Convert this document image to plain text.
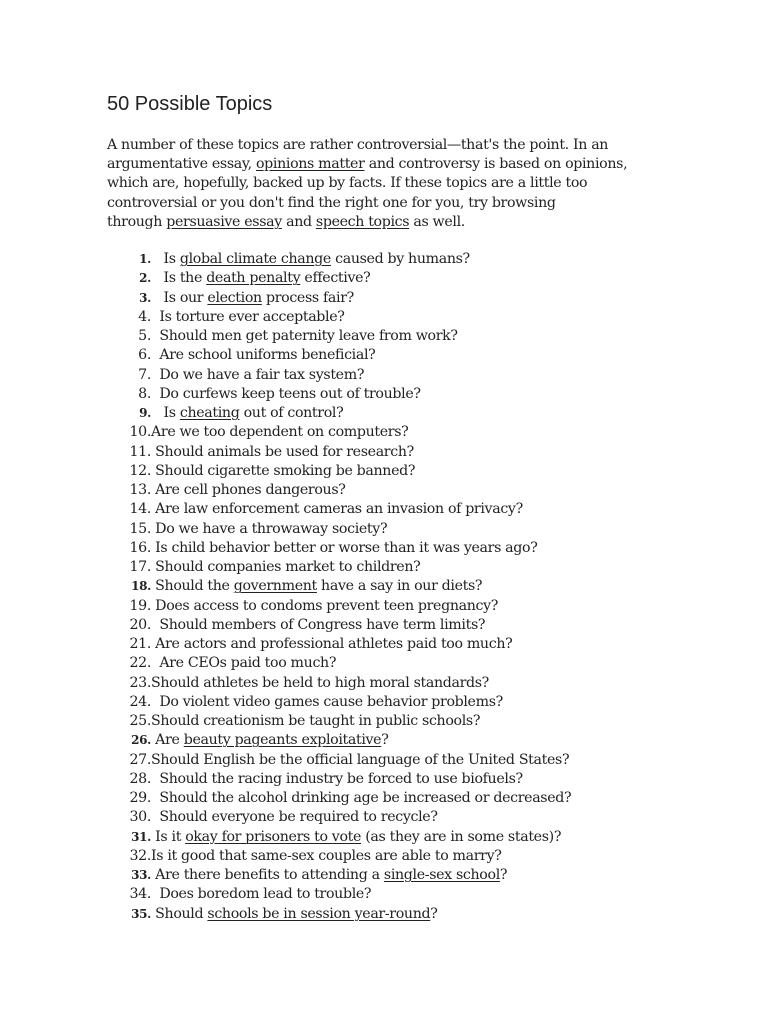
50 Possible Topics
A number of these topics are rather controversial—that's the point. In an
argumentative essay, opinions matter and controversy is based on opinions,
which are, hopefully, backed up by facts. If these topics are a little too
controversial or you don't find the right one for you, try browsing
through persuasive essay and speech topics as well.
1.
Is global climate change caused by humans?
2.
Is the death penalty effective?
3.
Is our election process fair?
4.
Is torture ever acceptable?
5.
Should men get paternity leave from work?
6.
Are school uniforms beneficial?
7.
Do we have a fair tax system?
8.
Do curfews keep teens out of trouble?
9.
Is cheating out of control?
10. Are we too dependent on computers?
11.
Should animals be used for research?
12.
Should cigarette smoking be banned?
13.
Are cell phones dangerous?
14.
Are law enforcement cameras an invasion of privacy?
15.
Do we have a throwaway society?
16.
Is child behavior better or worse than it was years ago?
17.
Should companies market to children?
18.
Should the government have a say in our diets?
19.
Does access to condoms prevent teen pregnancy?
20.
Should members of Congress have term limits?
21.
Are actors and professional athletes paid too much?
22.
Are CEOs paid too much?
23. Should athletes be held to high moral standards?
24.
Do violent video games cause behavior problems?
25. Should creationism be taught in public schools?
26.
Are beauty pageants exploitative?
27. Should English be the official language of the United States?
28.
Should the racing industry be forced to use biofuels?
29.
Should the alcohol drinking age be increased or decreased?
30.
Should everyone be required to recycle?
31.
Is it okay for prisoners to vote (as they are in some states)?
32. Is it good that same-sex couples are able to marry?
33.
Are there benefits to attending a single-sex school?
34.
Does boredom lead to trouble?
35.
Should schools be in session year-round?
